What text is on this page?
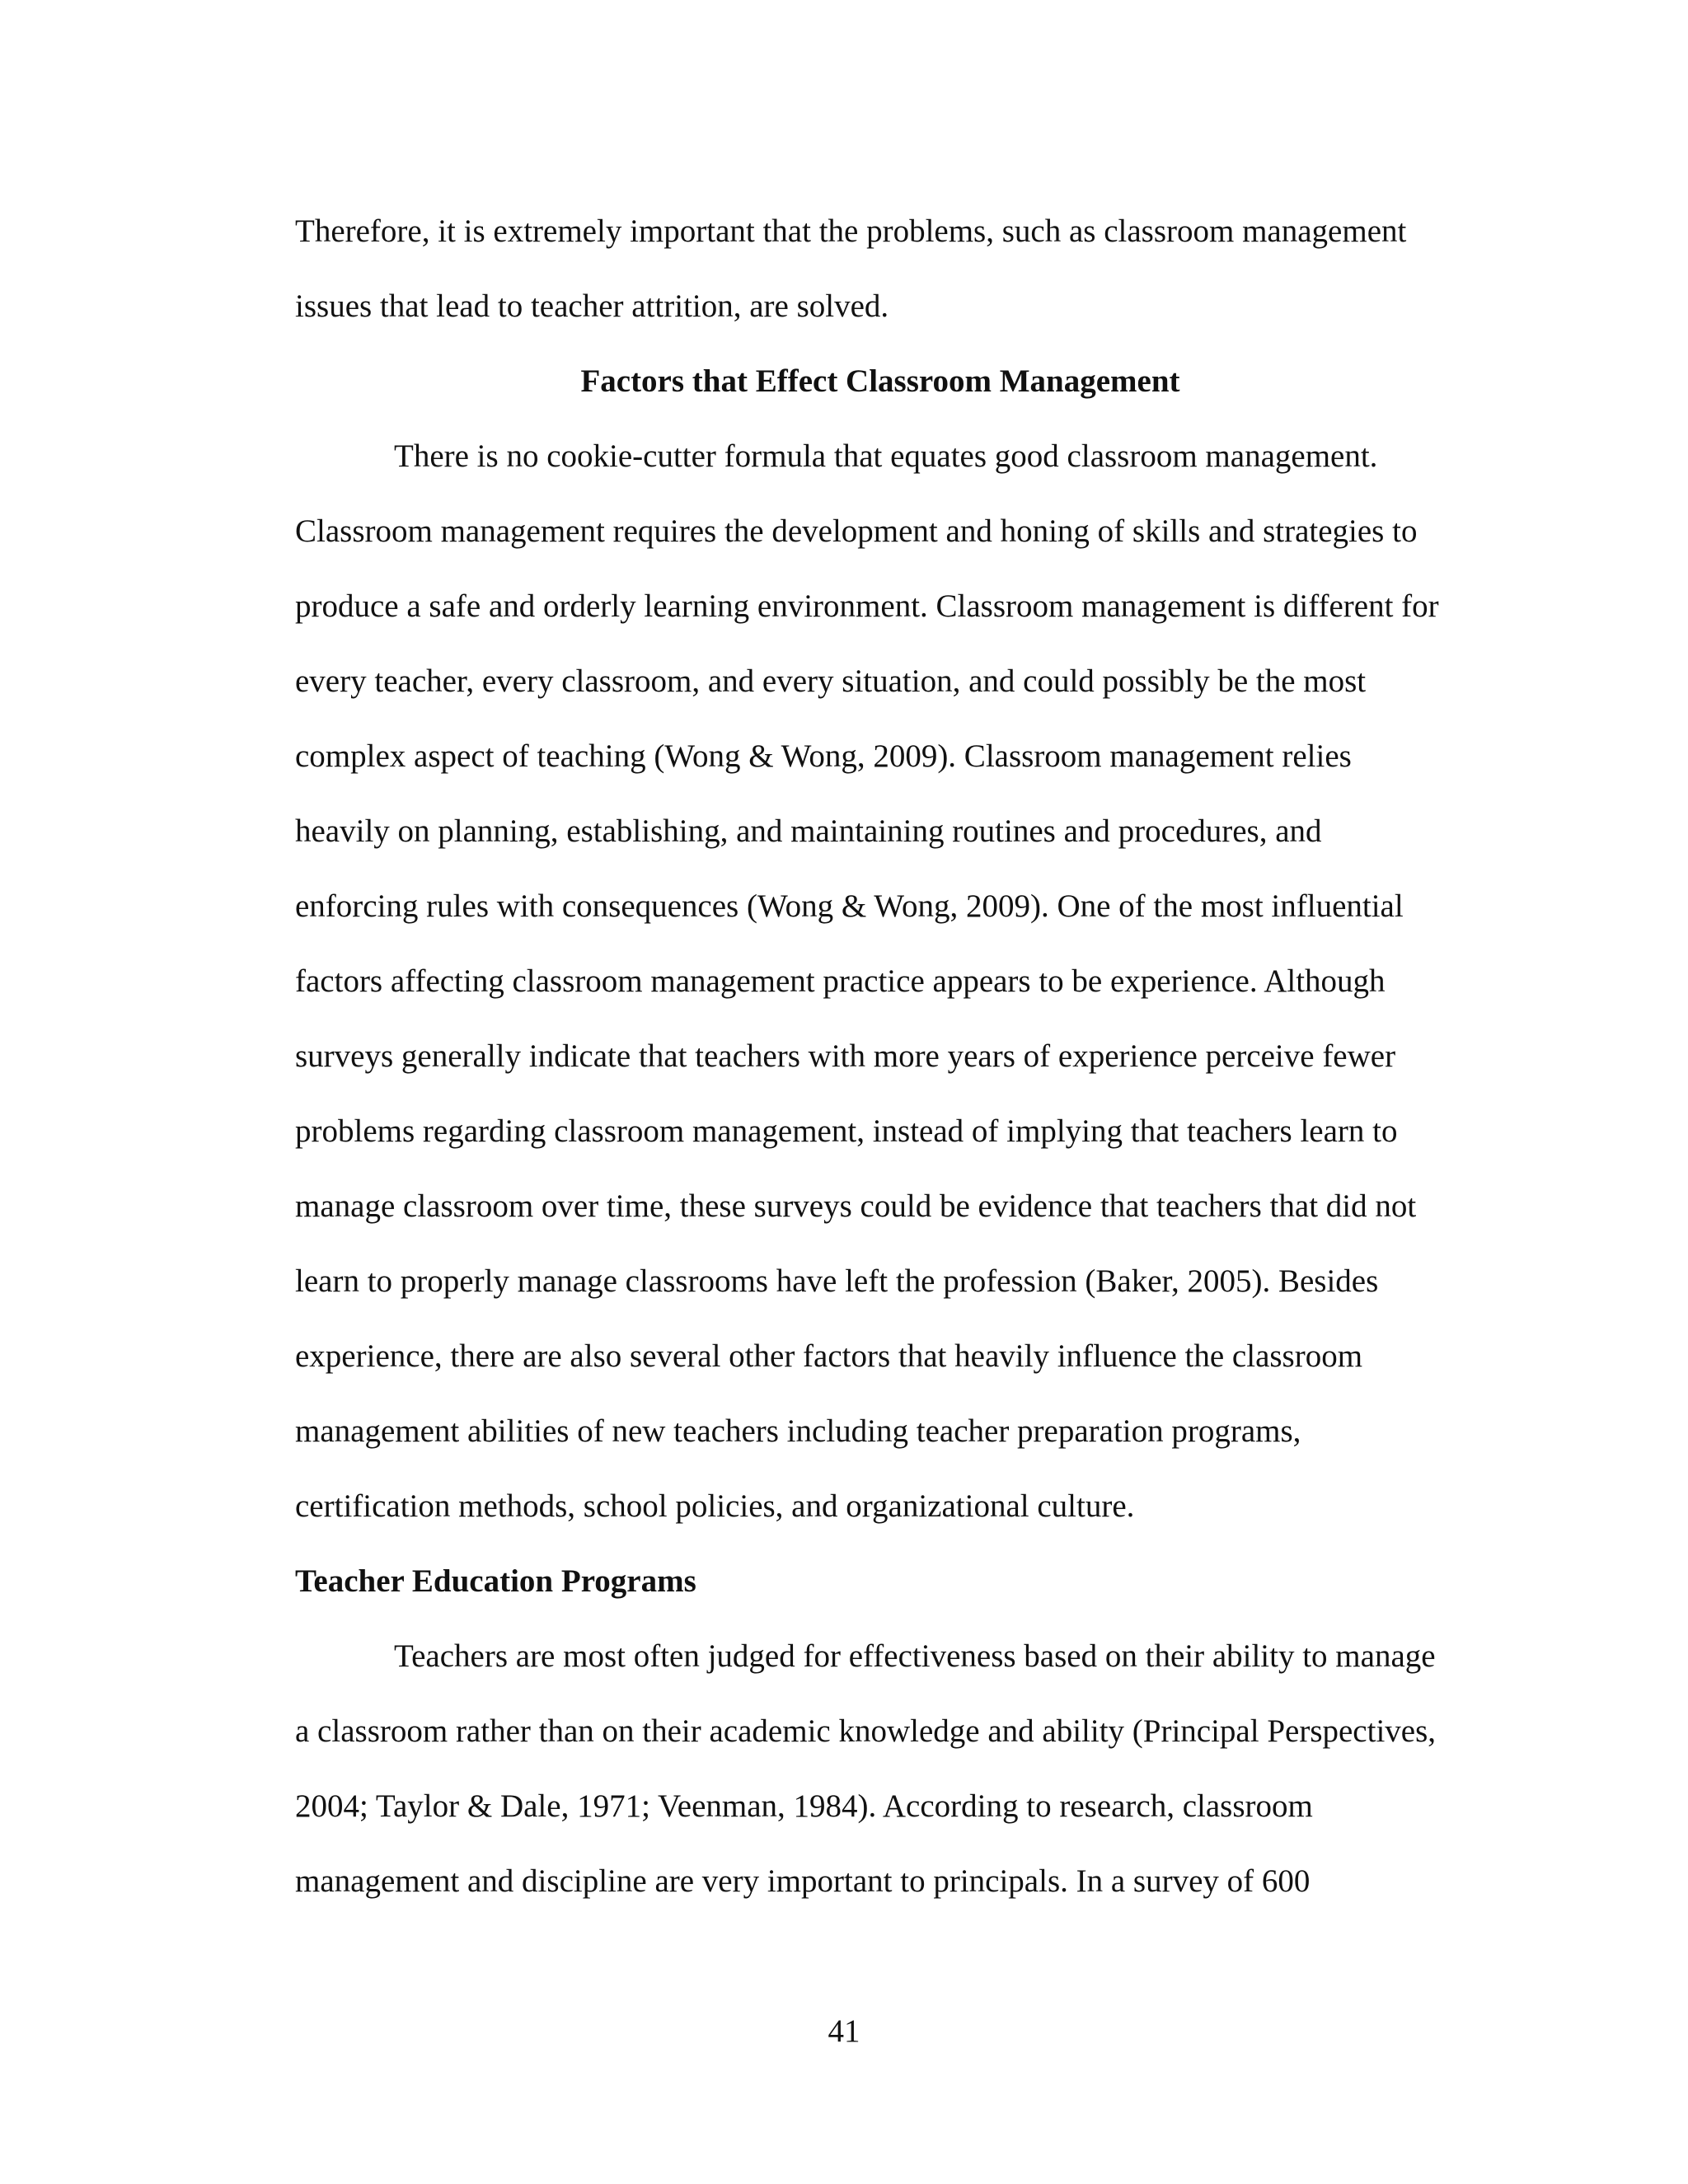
Therefore, it is extremely important that the problems, such as classroom management
issues that lead to teacher attrition, are solved.
Factors that Effect Classroom Management
There is no cookie-cutter formula that equates good classroom management.
Classroom management requires the development and honing of skills and strategies to
produce a safe and orderly learning environment. Classroom management is different for
every teacher, every classroom, and every situation, and could possibly be the most
complex aspect of teaching (Wong & Wong, 2009). Classroom management relies
heavily on planning, establishing, and maintaining routines and procedures, and
enforcing rules with consequences (Wong & Wong, 2009). One of the most influential
factors affecting classroom management practice appears to be experience. Although
surveys generally indicate that teachers with more years of experience perceive fewer
problems regarding classroom management, instead of implying that teachers learn to
manage classroom over time, these surveys could be evidence that teachers that did not
learn to properly manage classrooms have left the profession (Baker, 2005). Besides
experience, there are also several other factors that heavily influence the classroom
management abilities of new teachers including teacher preparation programs,
certification methods, school policies, and organizational culture.
Teacher Education Programs
Teachers are most often judged for effectiveness based on their ability to manage
a classroom rather than on their academic knowledge and ability (Principal Perspectives,
2004; Taylor & Dale, 1971; Veenman, 1984). According to research, classroom
management and discipline are very important to principals. In a survey of 600
41
